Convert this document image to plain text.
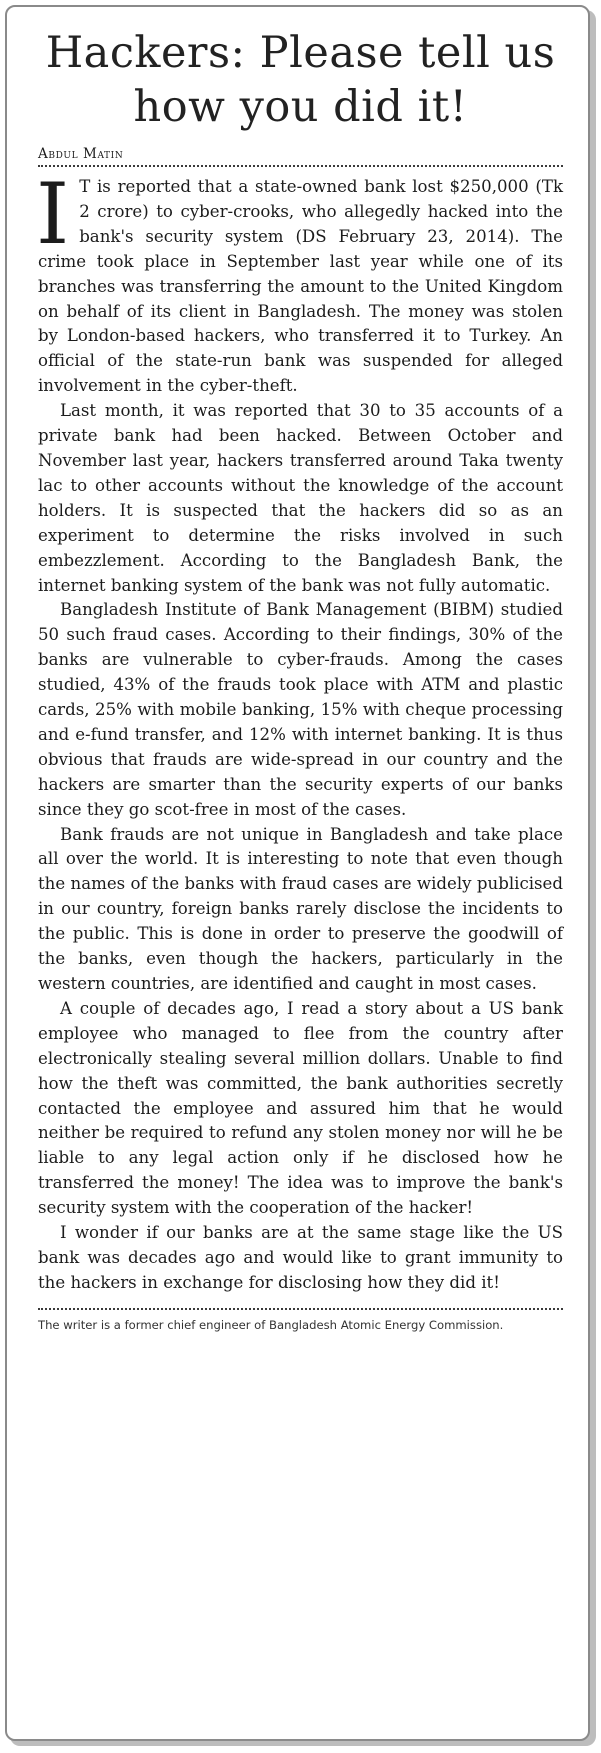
Hackers: Please tell us how you did it!
Abdul Matin

I T is reported that a state-owned bank lost $250,000 (Tk 2 crore) to cyber-crooks, who allegedly hacked into the bank's security system (DS February 23, 2014). The crime took place in September last year while one of its branches was transferring the amount to the United Kingdom on behalf of its client in Bangladesh. The money was stolen by London-based hackers, who transferred it to Turkey. An official of the state-run bank was suspended for alleged involvement in the cyber-theft.

Last month, it was reported that 30 to 35 accounts of a private bank had been hacked. Between October and November last year, hackers transferred around Taka twenty lac to other accounts without the knowledge of the account holders. It is suspected that the hackers did so as an experiment to determine the risks involved in such embezzlement. According to the Bangladesh Bank, the internet banking system of the bank was not fully automatic.

Bangladesh Institute of Bank Management (BIBM) studied 50 such fraud cases. According to their findings, 30% of the banks are vulnerable to cyber-frauds. Among the cases studied, 43% of the frauds took place with ATM and plastic cards, 25% with mobile banking, 15% with cheque processing and e-fund transfer, and 12% with internet banking. It is thus obvious that frauds are wide-spread in our country and the hackers are smarter than the security experts of our banks since they go scot-free in most of the cases.

Bank frauds are not unique in Bangladesh and take place all over the world. It is interesting to note that even though the names of the banks with fraud cases are widely publicised in our country, foreign banks rarely disclose the incidents to the public. This is done in order to preserve the goodwill of the banks, even though the hackers, particularly in the western countries, are identified and caught in most cases.

A couple of decades ago, I read a story about a US bank employee who managed to flee from the country after electronically stealing several million dollars. Unable to find how the theft was committed, the bank authorities secretly contacted the employee and assured him that he would neither be required to refund any stolen money nor will he be liable to any legal action only if he disclosed how he transferred the money! The idea was to improve the bank's security system with the cooperation of the hacker!

I wonder if our banks are at the same stage like the US bank was decades ago and would like to grant immunity to the hackers in exchange for disclosing how they did it!

The writer is a former chief engineer of Bangladesh Atomic Energy Commission.
